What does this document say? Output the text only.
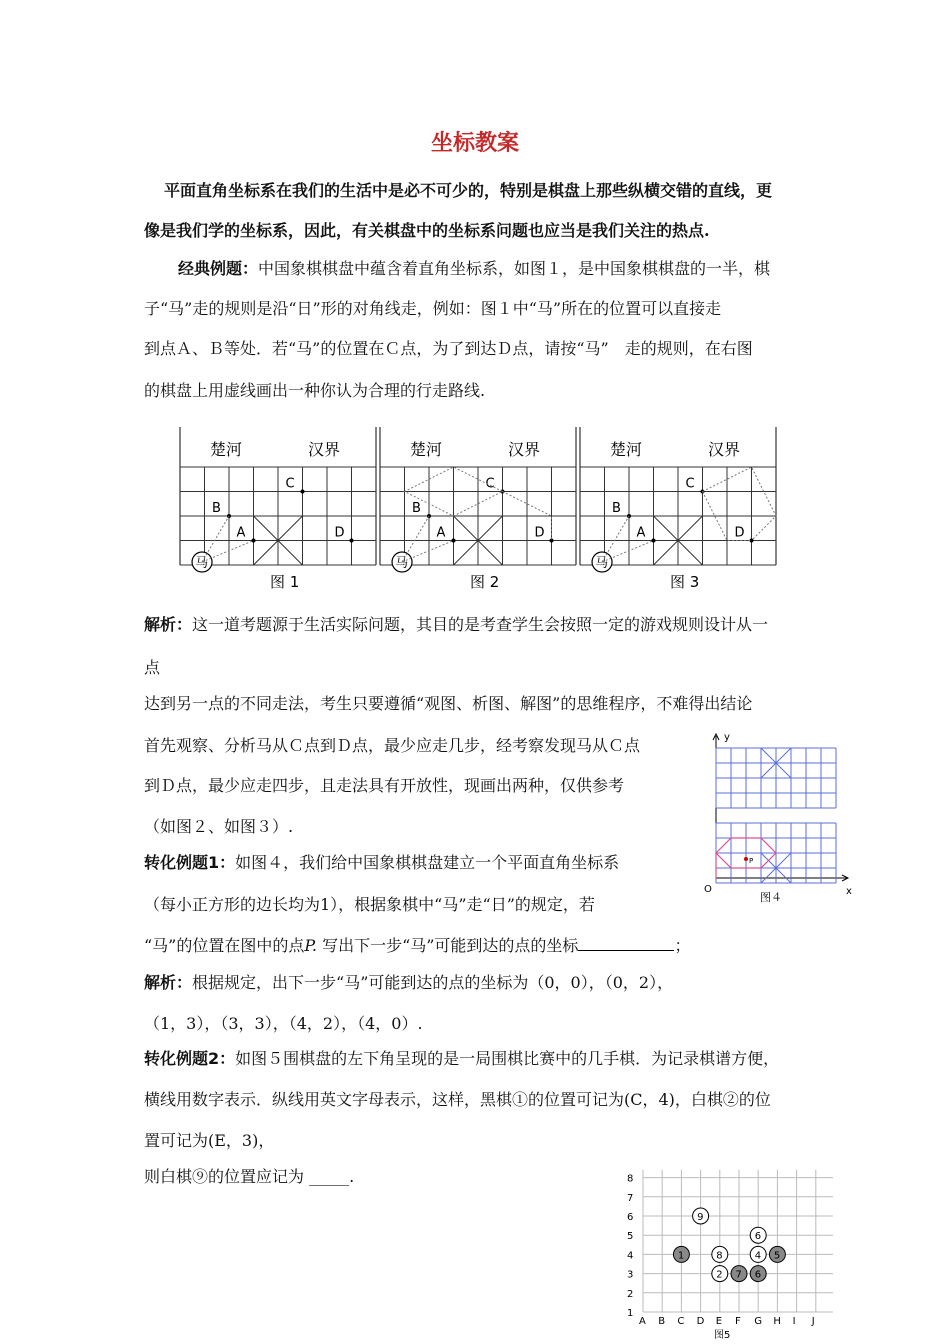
坐标教案
平面直角坐标系在我们的生活中是必不可少的，特别是棋盘上那些纵横交错的直线，更
像是我们学的坐标系，因此，有关棋盘中的坐标系问题也应当是我们关注的热点.
经典例题：中国象棋棋盘中蕴含着直角坐标系，如图１，是中国象棋棋盘的一半，棋
子“马”走的规则是沿“日”形的对角线走，例如：图１中“马”所在的位置可以直接走
到点Ａ、Ｂ等处．若“马”的位置在Ｃ点，为了到达Ｄ点，请按“马”　走的规则，在右图
的棋盘上用虚线画出一种你认为合理的行走路线.
楚河	汉界
A
B
C
D
马
图 1
楚河	汉界
A
B
C
D
马
图 2
楚河	汉界
A
B
C
D
马
图 3
解析：这一道考题源于生活实际问题，其目的是考查学生会按照一定的游戏规则设计从一
点
达到另一点的不同走法，考生只要遵循“观图、析图、解图”的思维程序，不难得出结论
首先观察、分析马从Ｃ点到Ｄ点，最少应走几步，经考察发现马从Ｃ点
到Ｄ点，最少应走四步，且走法具有开放性，现画出两种，仅供参考
（如图２、如图３）.
转化例题1：如图４，我们给中国象棋棋盘建立一个平面直角坐标系
（每小正方形的边长均为1），根据象棋中“马”走“日”的规定，若
“马”的位置在图中的点P. 写出下一步“马”可能到达的点的坐标	；
y
x
O
P
图４
解析：根据规定，出下一步“马”可能到达的点的坐标为（0，0），（0，2），
（1，3），（3，3），（4，2），（4，0）.
转化例题2：如图５围棋盘的左下角呈现的是一局围棋比赛中的几手棋．为记录棋谱方便，
横线用数字表示．纵线用英文字母表示，这样，黑棋①的位置可记为(C，4)，白棋②的位
置可记为(E，3)，
则白棋⑨的位置应记为 _____.
1
2
3
4
5
6
7
8
A B C D E F G H I J
1
2
4 5
6
6
7
8
9
图5
